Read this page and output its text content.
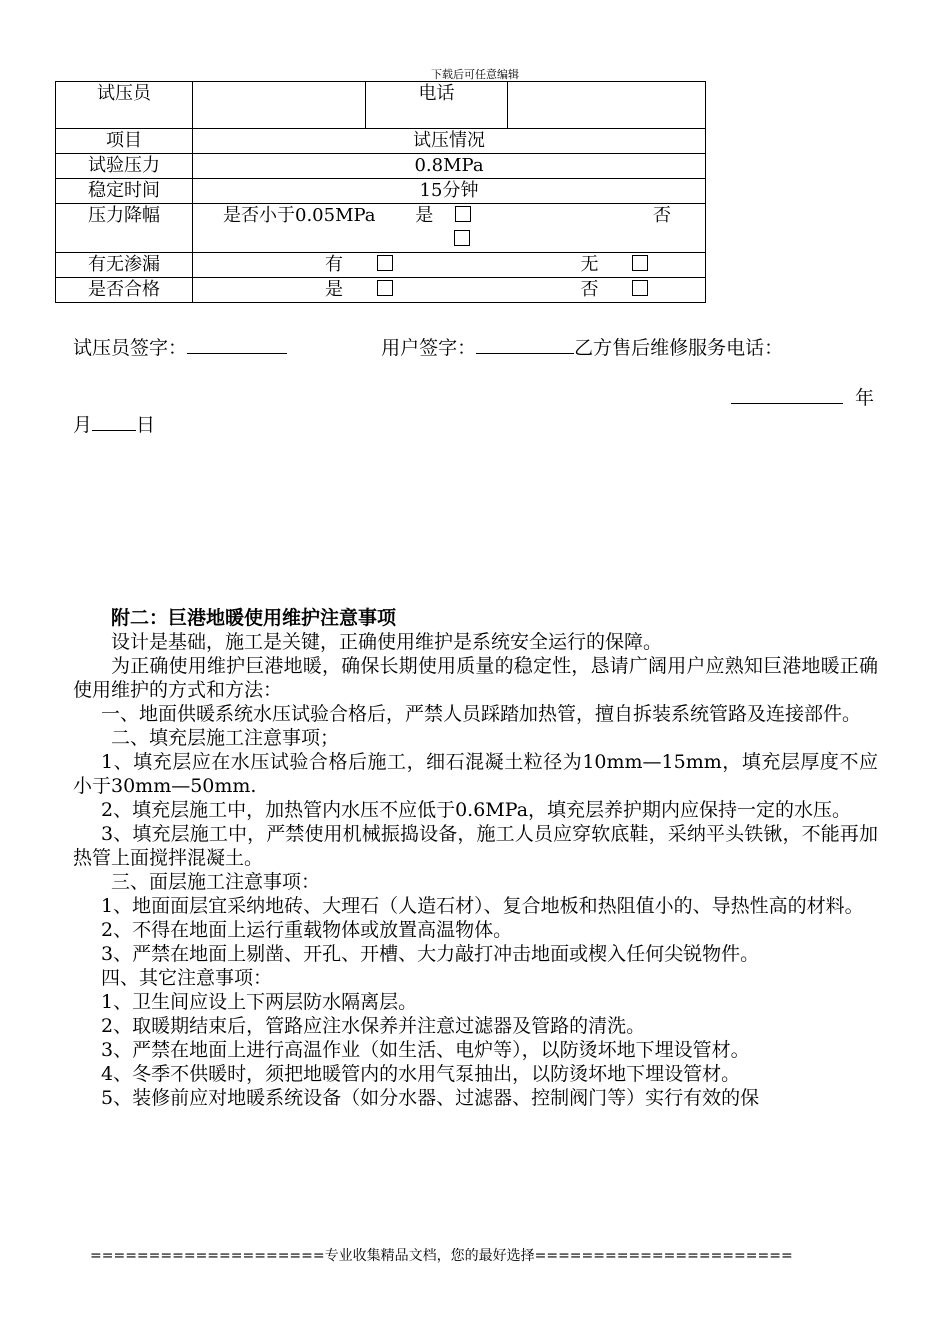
下载后可任意编辑
试压员		电话	
项目	试压情况		
试验压力	0.8MPa		
稳定时间	15分钟		
压力降幅	是否小于0.05MPa 是 否		

有无渗漏	有 无		
是否合格	是 否		
试压员签字：	用户签字：	乙方售后维修服务电话：
年
月 日

附二：巨港地暖使用维护注意事项

设计是基础，施工是关键，正确使用维护是系统安全运行的保障。

为正确使用维护巨港地暖，确保长期使用质量的稳定性，恳请广阔用户应熟知巨港地暖正确使用维护的方式和方法：

一、地面供暖系统水压试验合格后，严禁人员踩踏加热管，擅自拆装系统管路及连接部件。

二、填充层施工注意事项；

1、填充层应在水压试验合格后施工，细石混凝土粒径为10mm—15mm，填充层厚度不应小于30mm—50mm.

2、填充层施工中，加热管内水压不应低于0.6MPa，填充层养护期内应保持一定的水压。

3、填充层施工中，严禁使用机械振捣设备，施工人员应穿软底鞋，采纳平头铁锹，不能再加热管上面搅拌混凝土。

三、面层施工注意事项：

1、地面面层宜采纳地砖、大理石（人造石材）、复合地板和热阻值小的、导热性高的材料。

2、不得在地面上运行重载物体或放置高温物体。

3、严禁在地面上剔凿、开孔、开槽、大力敲打冲击地面或楔入任何尖锐物件。

四、其它注意事项：

1、卫生间应设上下两层防水隔离层。

2、取暖期结束后，管路应注水保养并注意过滤器及管路的清洗。

3、严禁在地面上进行高温作业（如生活、电炉等），以防烫坏地下埋设管材。

4、冬季不供暖时，须把地暖管内的水用气泵抽出，以防烫坏地下埋设管材。

5、装修前应对地暖系统设备（如分水器、过滤器、控制阀门等）实行有效的保

====================专业收集精品文档，您的最好选择======================
